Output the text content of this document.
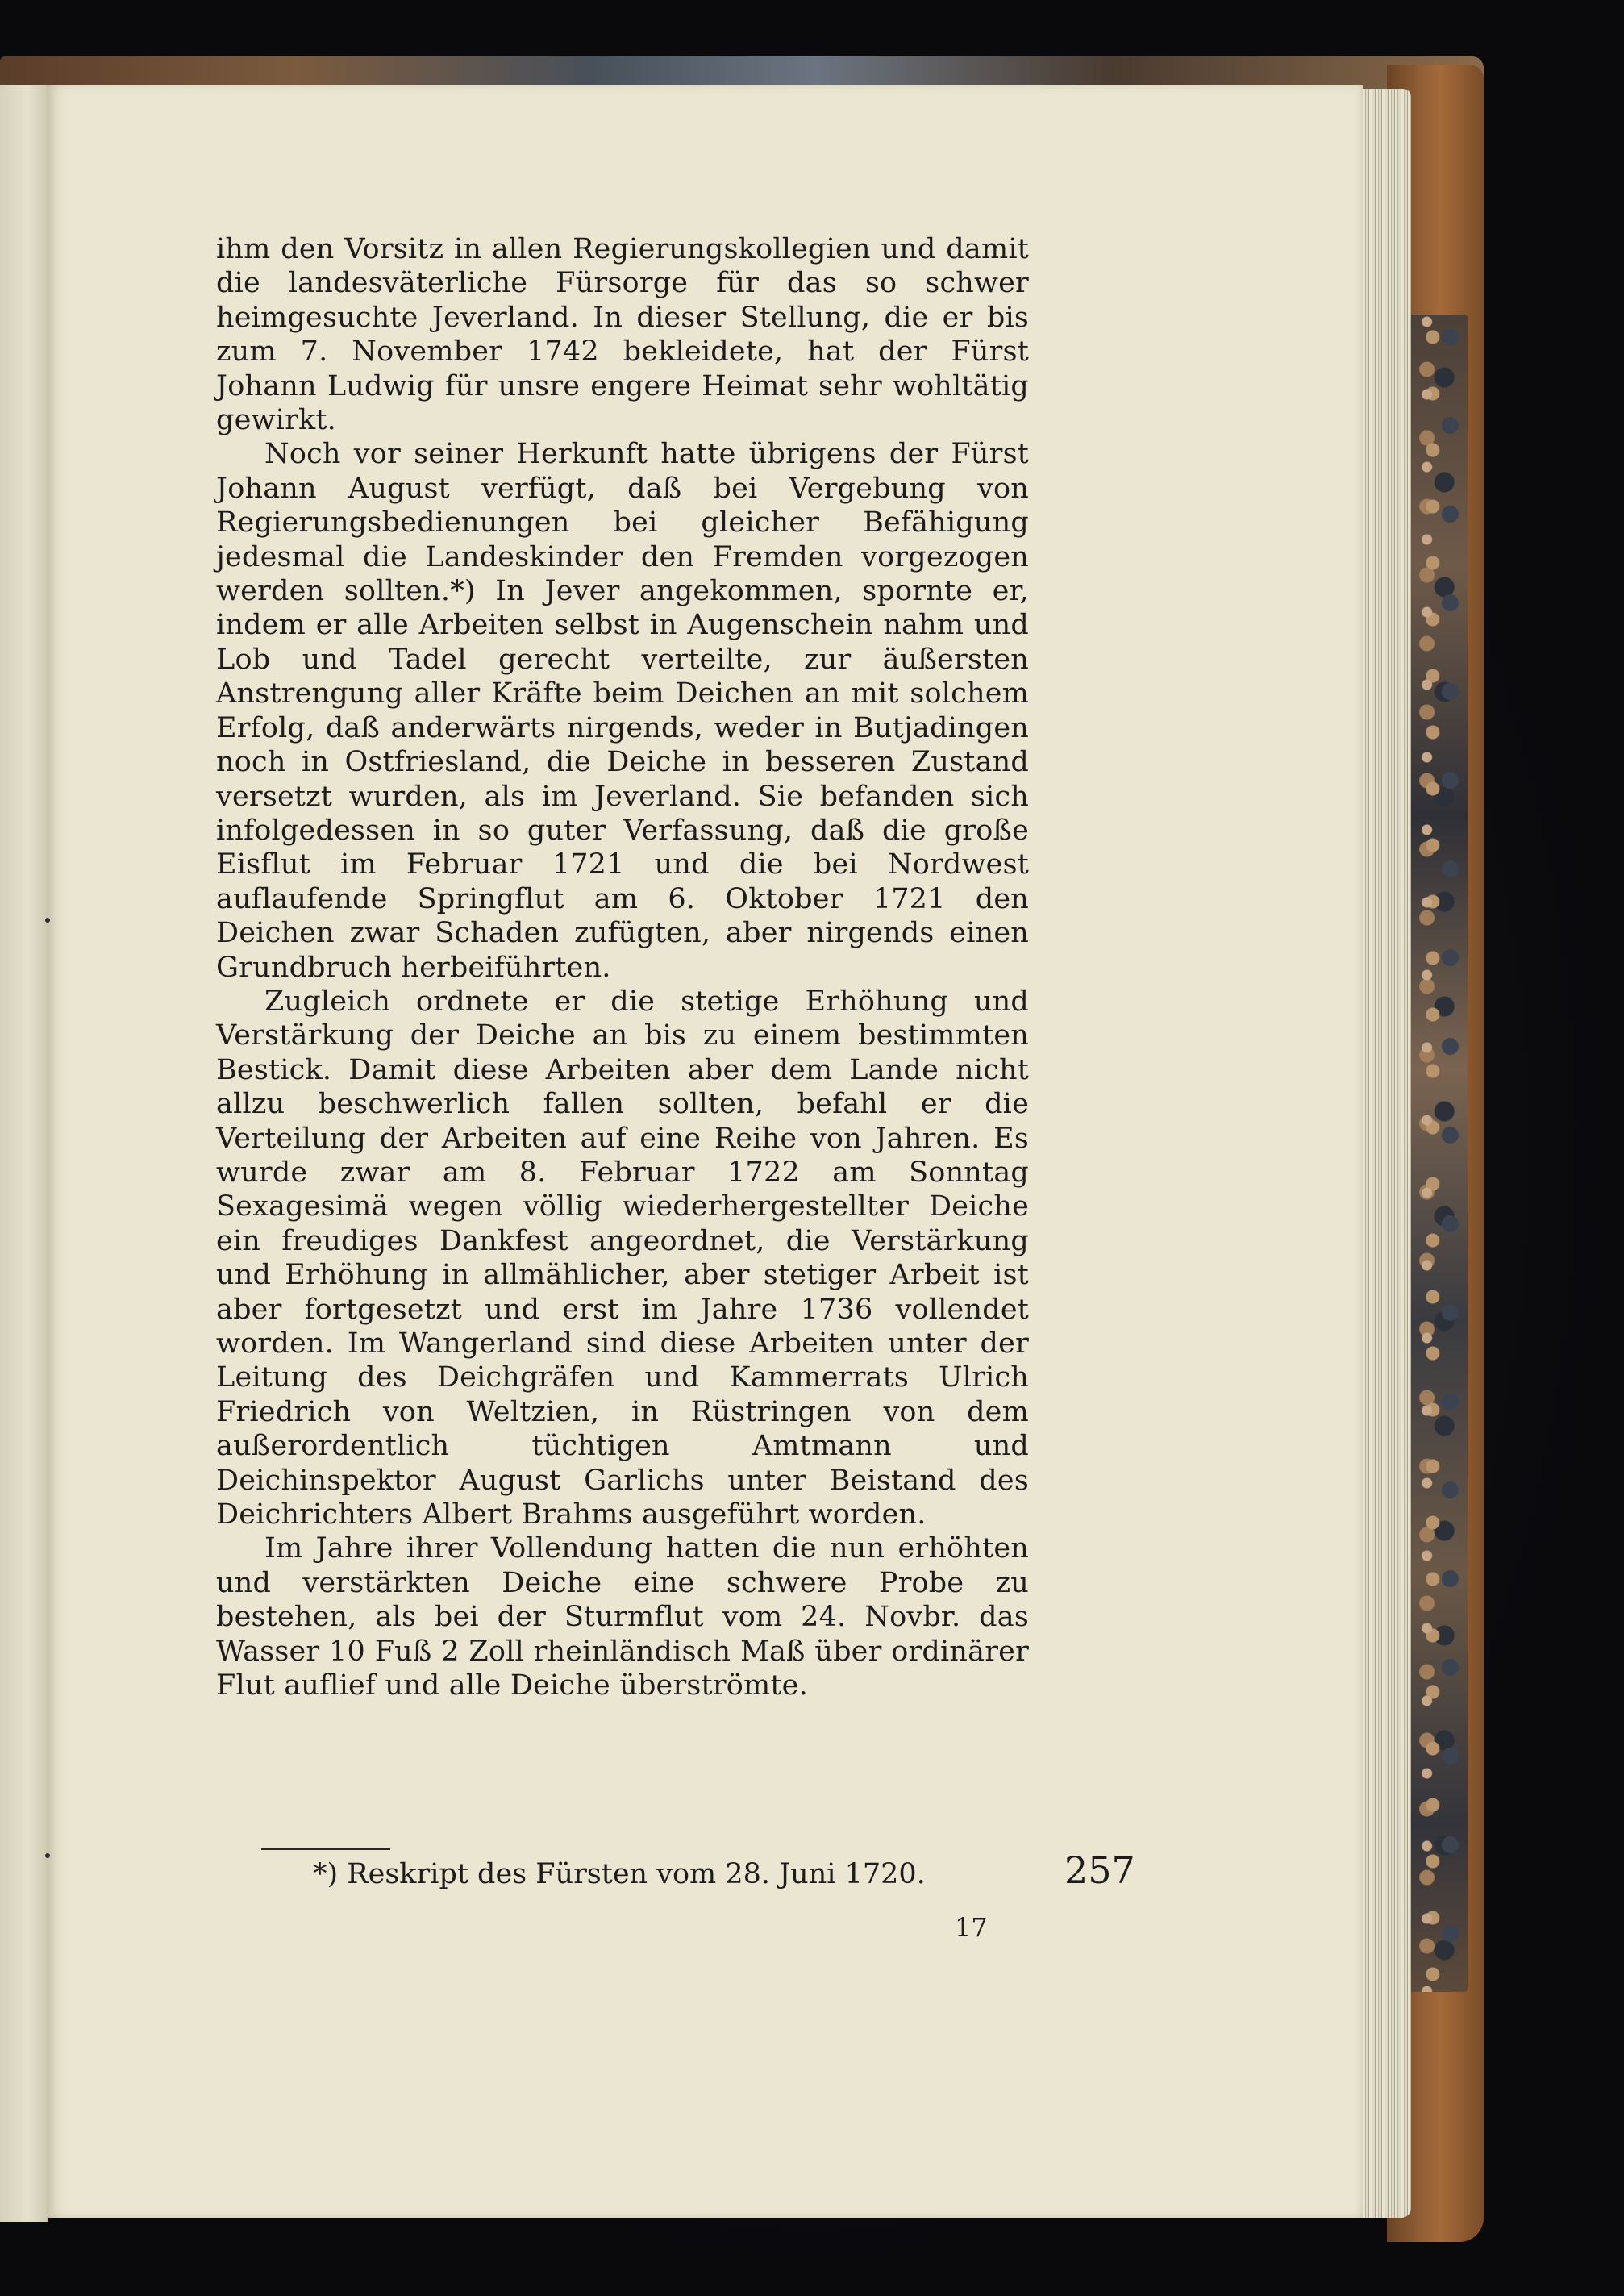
ihm den Vorsitz in allen Regierungskollegien und damit die landesväterliche Fürsorge für das so schwer heimgesuchte Jeverland. In dieser Stellung, die er bis zum 7. November 1742 bekleidete, hat der Fürst Johann Ludwig für unsre engere Heimat sehr wohltätig gewirkt.

Noch vor seiner Herkunft hatte übrigens der Fürst Johann August verfügt, daß bei Vergebung von Regierungsbedienungen bei gleicher Befähigung jedesmal die Landeskinder den Fremden vorgezogen werden sollten.*) In Jever angekommen, spornte er, indem er alle Arbeiten selbst in Augenschein nahm und Lob und Tadel gerecht verteilte, zur äußersten Anstrengung aller Kräfte beim Deichen an mit solchem Erfolg, daß anderwärts nirgends, weder in Butjadingen noch in Ostfriesland, die Deiche in besseren Zustand versetzt wurden, als im Jeverland. Sie befanden sich infolgedessen in so guter Verfassung, daß die große Eisflut im Februar 1721 und die bei Nordwest auflaufende Springflut am 6. Oktober 1721 den Deichen zwar Schaden zufügten, aber nirgends einen Grundbruch herbeiführten.

Zugleich ordnete er die stetige Erhöhung und Verstärkung der Deiche an bis zu einem bestimmten Bestick. Damit diese Arbeiten aber dem Lande nicht allzu beschwerlich fallen sollten, befahl er die Verteilung der Arbeiten auf eine Reihe von Jahren. Es wurde zwar am 8. Februar 1722 am Sonntag Sexagesimä wegen völlig wiederhergestellter Deiche ein freudiges Dankfest angeordnet, die Verstärkung und Erhöhung in allmählicher, aber stetiger Arbeit ist aber fortgesetzt und erst im Jahre 1736 vollendet worden. Im Wangerland sind diese Arbeiten unter der Leitung des Deichgräfen und Kammerrats Ulrich Friedrich von Weltzien, in Rüstringen von dem außerordentlich tüchtigen Amtmann und Deichinspektor August Garlichs unter Beistand des Deichrichters Albert Brahms ausgeführt worden.

Im Jahre ihrer Vollendung hatten die nun erhöhten und verstärkten Deiche eine schwere Probe zu bestehen, als bei der Sturmflut vom 24. Novbr. das Wasser 10 Fuß 2 Zoll rheinländisch Maß über ordinärer Flut auflief und alle Deiche überströmte.

*) Reskript des Fürsten vom 28. Juni 1720.	257
17
